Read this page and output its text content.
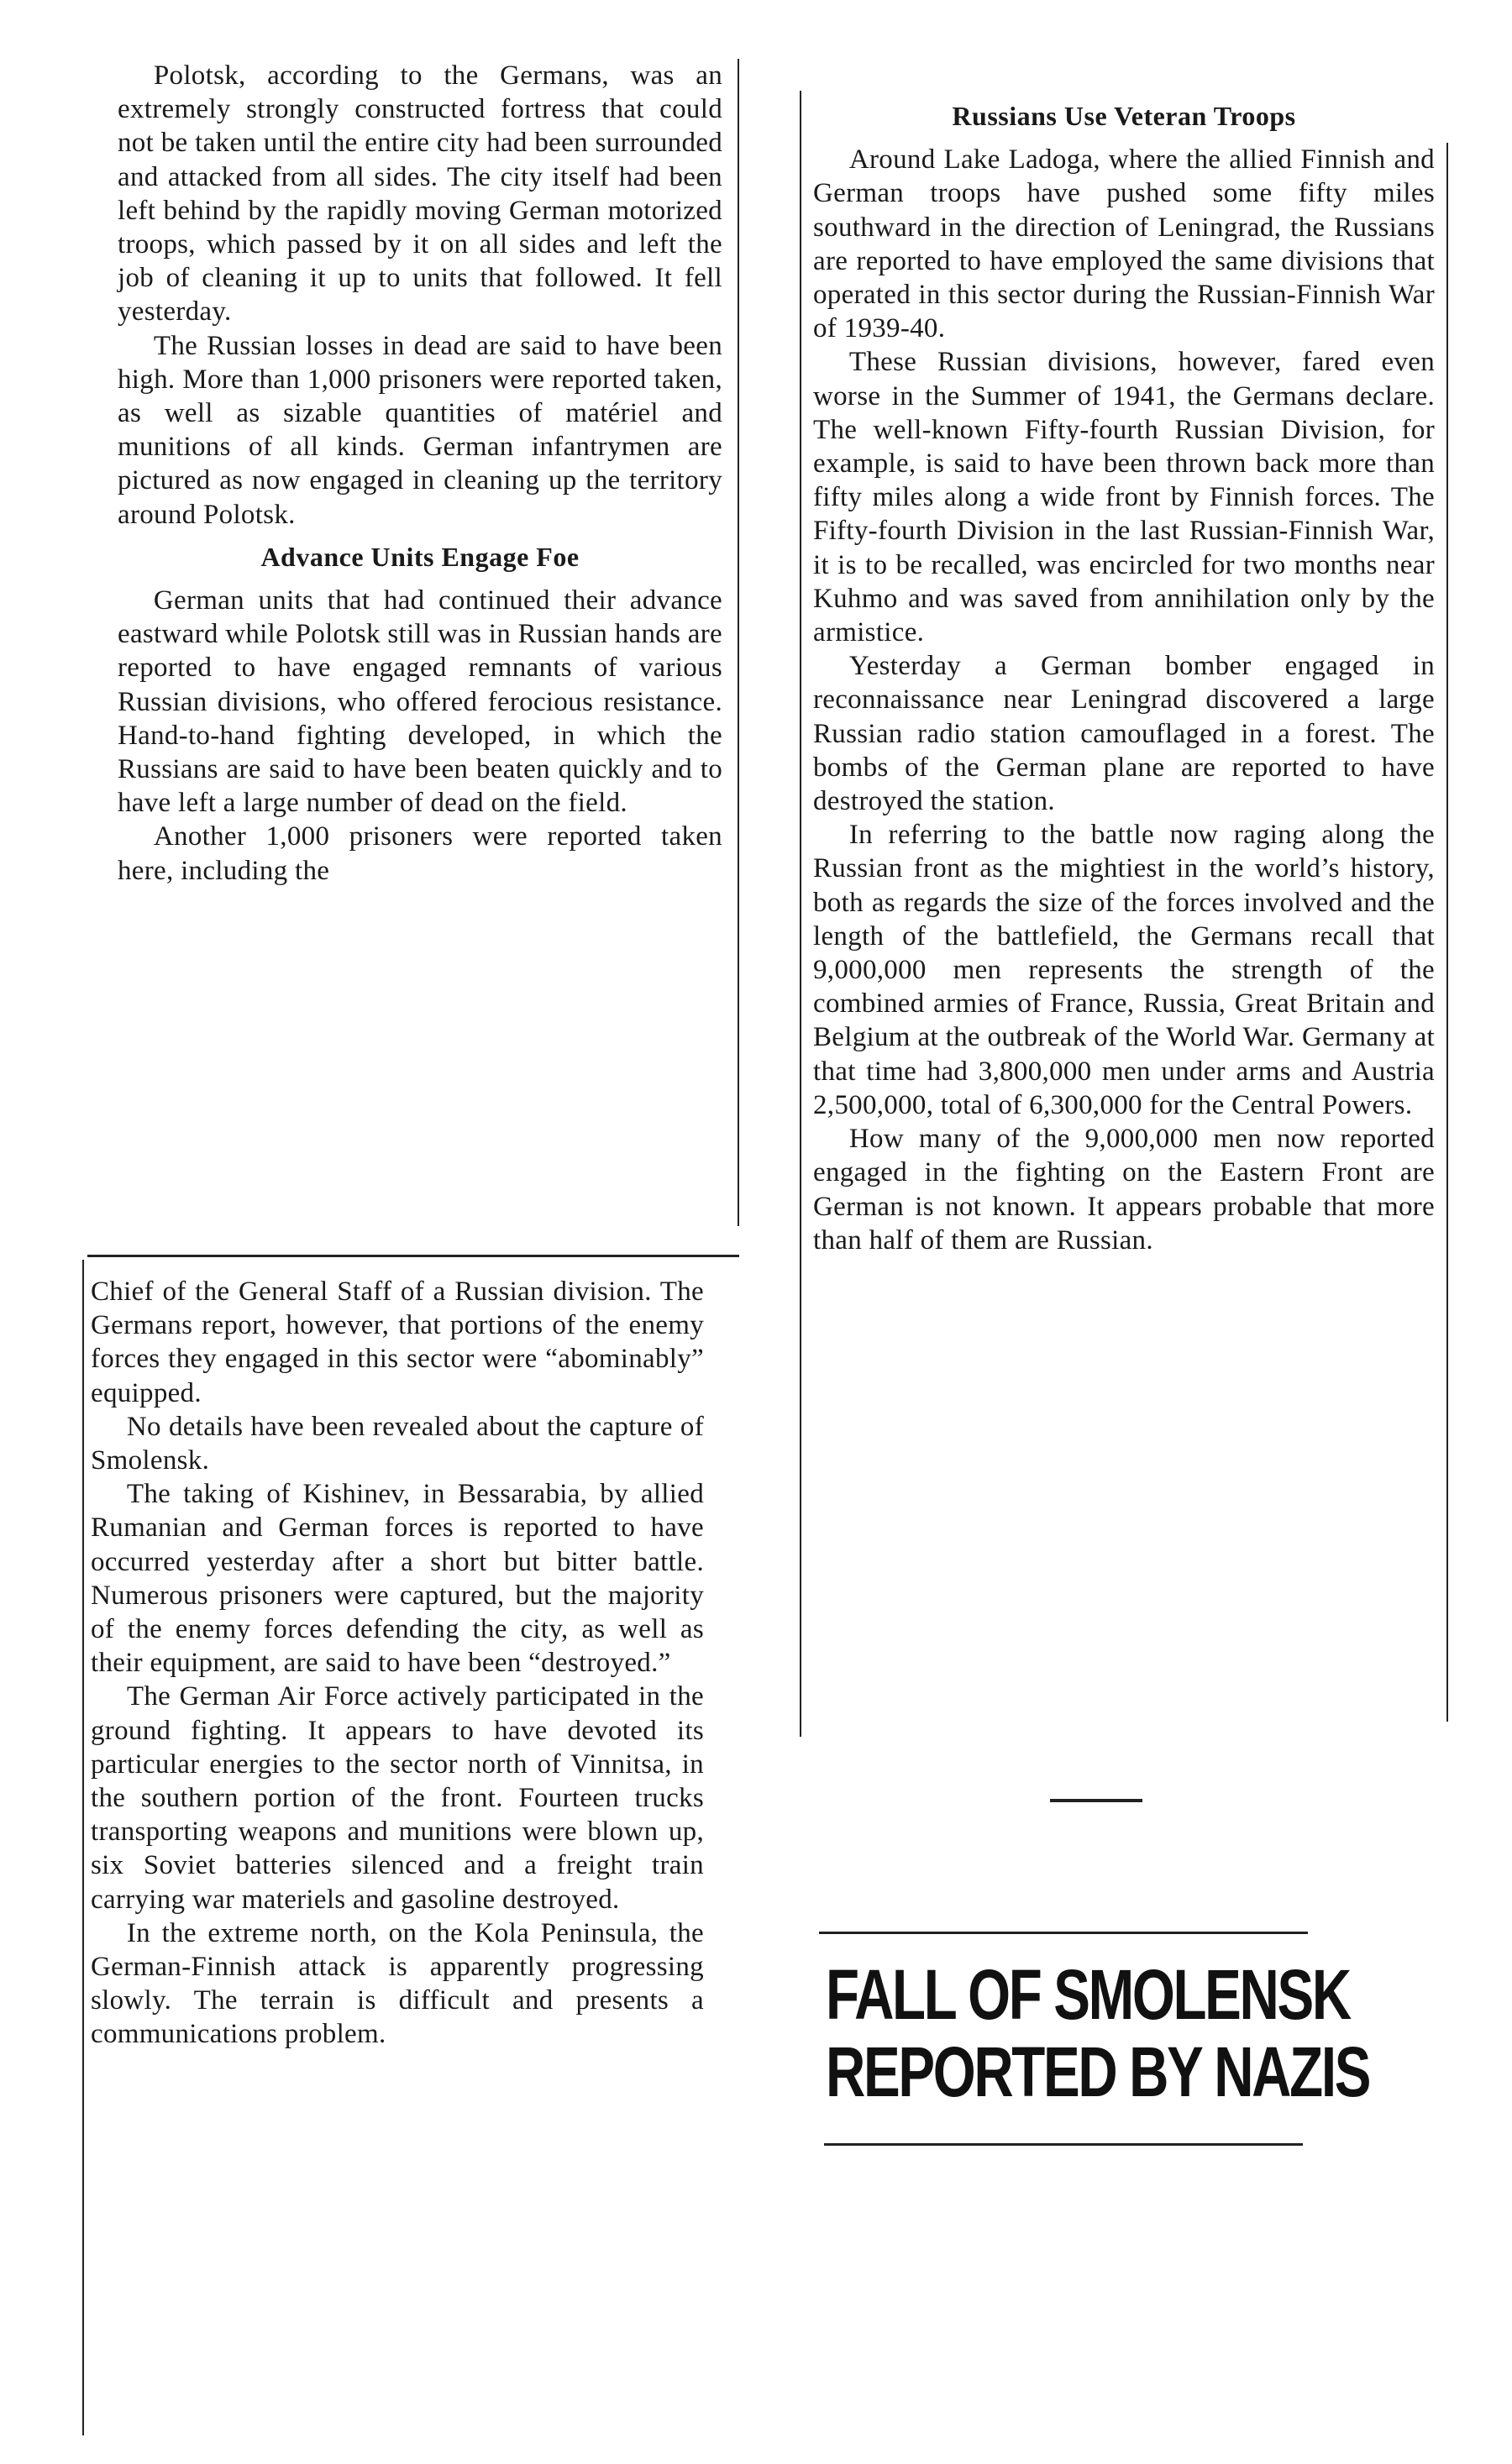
Polotsk, according to the Germans, was an extremely strongly constructed fortress that could not be taken until the entire city had been surrounded and attacked from all sides. The city itself had been left behind by the rapidly moving German motorized troops, which passed by it on all sides and left the job of cleaning it up to units that followed. It fell yesterday.

The Russian losses in dead are said to have been high. More than 1,000 prisoners were reported taken, as well as sizable quantities of matériel and munitions of all kinds. German infantrymen are pictured as now engaged in cleaning up the territory around Polotsk.

Advance Units Engage Foe

German units that had continued their advance eastward while Polotsk still was in Russian hands are reported to have engaged remnants of various Russian divisions, who offered ferocious resistance. Hand-to-hand fighting developed, in which the Russians are said to have been beaten quickly and to have left a large number of dead on the field.

Another 1,000 prisoners were reported taken here, including the

Chief of the General Staff of a Russian division. The Germans report, however, that portions of the enemy forces they engaged in this sector were “abominably” equipped.

No details have been revealed about the capture of Smolensk.

The taking of Kishinev, in Bessarabia, by allied Rumanian and German forces is reported to have occurred yesterday after a short but bitter battle. Numerous prisoners were captured, but the majority of the enemy forces defending the city, as well as their equipment, are said to have been “destroyed.”

The German Air Force actively participated in the ground fighting. It appears to have devoted its particular energies to the sector north of Vinnitsa, in the southern portion of the front. Fourteen trucks transporting weapons and munitions were blown up, six Soviet batteries silenced and a freight train carrying war materiels and gasoline destroyed.

In the extreme north, on the Kola Peninsula, the German-Finnish attack is apparently progressing slowly. The terrain is difficult and presents a communications problem.

Russians Use Veteran Troops

Around Lake Ladoga, where the allied Finnish and German troops have pushed some fifty miles southward in the direction of Leningrad, the Russians are reported to have employed the same divisions that operated in this sector during the Russian-Finnish War of 1939-40.

These Russian divisions, however, fared even worse in the Summer of 1941, the Germans declare. The well-known Fifty-fourth Russian Division, for example, is said to have been thrown back more than fifty miles along a wide front by Finnish forces. The Fifty-fourth Division in the last Russian-Finnish War, it is to be recalled, was encircled for two months near Kuhmo and was saved from annihilation only by the armistice.

Yesterday a German bomber engaged in reconnaissance near Leningrad discovered a large Russian radio station camouflaged in a forest. The bombs of the German plane are reported to have destroyed the station.

In referring to the battle now raging along the Russian front as the mightiest in the world’s history, both as regards the size of the forces involved and the length of the battlefield, the Germans recall that 9,000,000 men represents the strength of the combined armies of France, Russia, Great Britain and Belgium at the outbreak of the World War. Germany at that time had 3,800,000 men under arms and Austria 2,500,000, total of 6,300,000 for the Central Powers.

How many of the 9,000,000 men now reported engaged in the fighting on the Eastern Front are German is not known. It appears probable that more than half of them are Russian.

FALL OF SMOLENSK
REPORTED BY NAZIS
